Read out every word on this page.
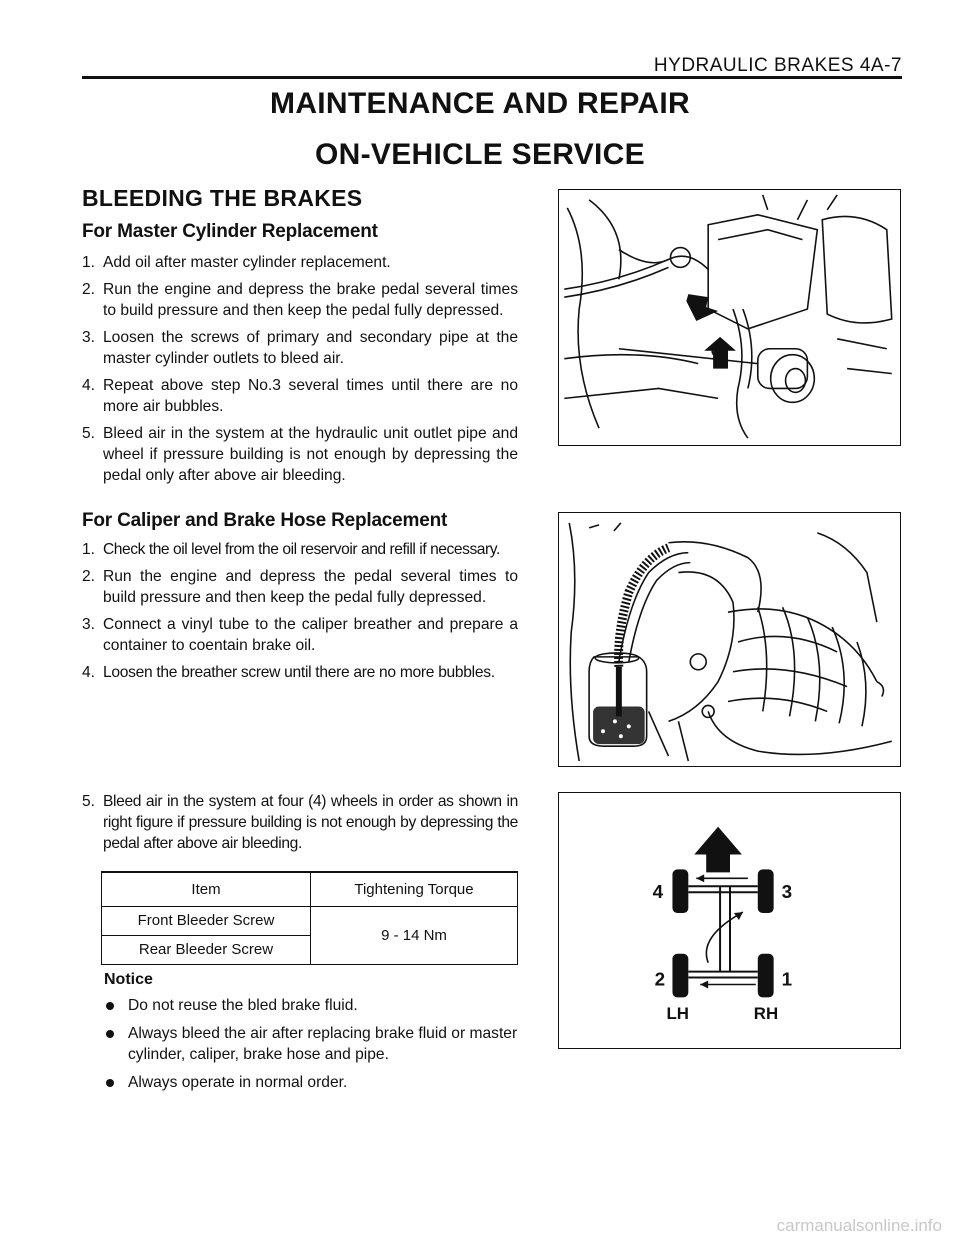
HYDRAULIC BRAKES 4A-7
MAINTENANCE AND REPAIR
ON-VEHICLE SERVICE
BLEEDING THE BRAKES
For Master Cylinder Replacement
1. Add oil after master cylinder replacement.
2. Run the engine and depress the brake pedal several times to build pressure and then keep the pedal fully depressed.
3. Loosen the screws of primary and secondary pipe at the master cylinder outlets to bleed air.
4. Repeat above step No.3 several times until there are no more air bubbles.
5. Bleed air in the system at the hydraulic unit outlet pipe and wheel if pressure building is not enough by depressing the pedal only after above air bleeding.
For Caliper and Brake Hose Replacement
1. Check the oil level from the oil reservoir and refill if necessary.
2. Run the engine and depress the pedal several times to build pressure and then keep the pedal fully depressed.
3. Connect a vinyl tube to the caliper breather and prepare a container to coentain brake oil.
4. Loosen the breather screw until there are no more bubbles.
5. Bleed air in the system at four (4) wheels in order as shown in right figure if pressure building is not enough by depressing the pedal after above air bleeding.
Item	Tightening Torque
Front Bleeder Screw	9 - 14 Nm
Rear Bleeder Screw	
Notice
Do not reuse the bled brake fluid.
Always bleed the air after replacing brake fluid or master cylinder, caliper, brake hose and pipe.
Always operate in normal order.
4	3
2	1
LH	RH
carmanualsonline.info
